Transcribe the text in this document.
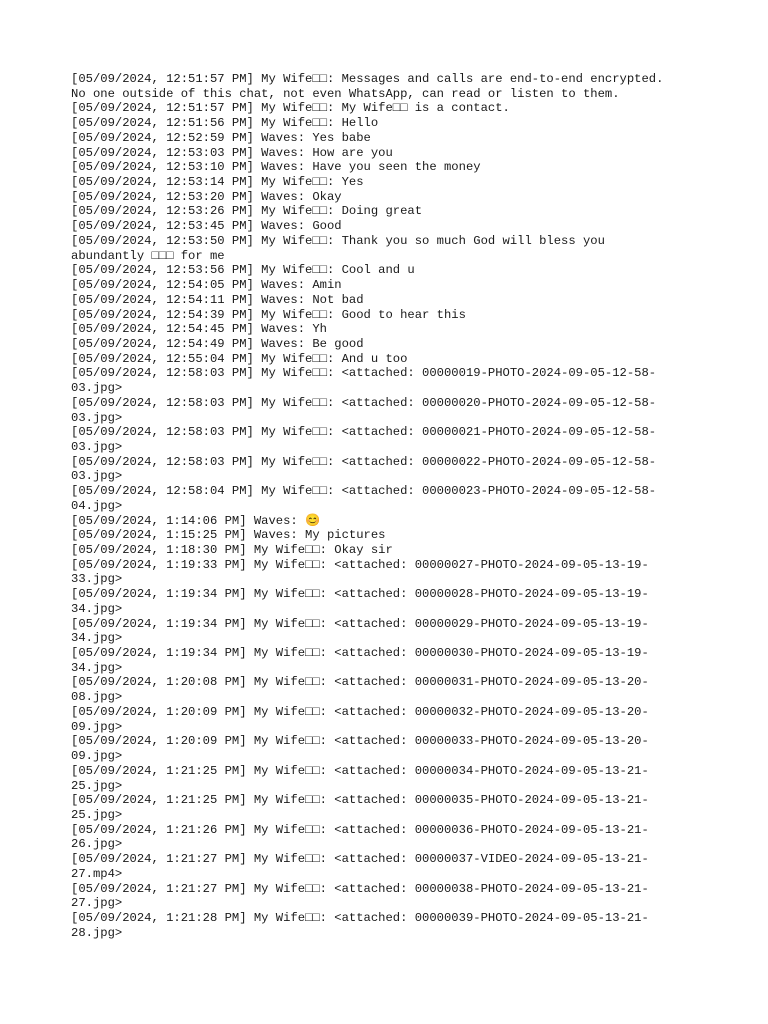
[05/09/2024, 12:51:57 PM] My Wife□□: Messages and calls are end-to-end encrypted.
No one outside of this chat, not even WhatsApp, can read or listen to them.
[05/09/2024, 12:51:57 PM] My Wife□□: My Wife□□ is a contact.
[05/09/2024, 12:51:56 PM] My Wife□□: Hello
[05/09/2024, 12:52:59 PM] Waves: Yes babe
[05/09/2024, 12:53:03 PM] Waves: How are you
[05/09/2024, 12:53:10 PM] Waves: Have you seen the money
[05/09/2024, 12:53:14 PM] My Wife□□: Yes
[05/09/2024, 12:53:20 PM] Waves: Okay
[05/09/2024, 12:53:26 PM] My Wife□□: Doing great
[05/09/2024, 12:53:45 PM] Waves: Good
[05/09/2024, 12:53:50 PM] My Wife□□: Thank you so much God will bless you
abundantly □□□ for me
[05/09/2024, 12:53:56 PM] My Wife□□: Cool and u
[05/09/2024, 12:54:05 PM] Waves: Amin
[05/09/2024, 12:54:11 PM] Waves: Not bad
[05/09/2024, 12:54:39 PM] My Wife□□: Good to hear this
[05/09/2024, 12:54:45 PM] Waves: Yh
[05/09/2024, 12:54:49 PM] Waves: Be good
[05/09/2024, 12:55:04 PM] My Wife□□: And u too
[05/09/2024, 12:58:03 PM] My Wife□□: <attached: 00000019-PHOTO-2024-09-05-12-58-
03.jpg>
[05/09/2024, 12:58:03 PM] My Wife□□: <attached: 00000020-PHOTO-2024-09-05-12-58-
03.jpg>
[05/09/2024, 12:58:03 PM] My Wife□□: <attached: 00000021-PHOTO-2024-09-05-12-58-
03.jpg>
[05/09/2024, 12:58:03 PM] My Wife□□: <attached: 00000022-PHOTO-2024-09-05-12-58-
03.jpg>
[05/09/2024, 12:58:04 PM] My Wife□□: <attached: 00000023-PHOTO-2024-09-05-12-58-
04.jpg>
[05/09/2024, 1:14:06 PM] Waves: 😊
[05/09/2024, 1:15:25 PM] Waves: My pictures
[05/09/2024, 1:18:30 PM] My Wife□□: Okay sir
[05/09/2024, 1:19:33 PM] My Wife□□: <attached: 00000027-PHOTO-2024-09-05-13-19-
33.jpg>
[05/09/2024, 1:19:34 PM] My Wife□□: <attached: 00000028-PHOTO-2024-09-05-13-19-
34.jpg>
[05/09/2024, 1:19:34 PM] My Wife□□: <attached: 00000029-PHOTO-2024-09-05-13-19-
34.jpg>
[05/09/2024, 1:19:34 PM] My Wife□□: <attached: 00000030-PHOTO-2024-09-05-13-19-
34.jpg>
[05/09/2024, 1:20:08 PM] My Wife□□: <attached: 00000031-PHOTO-2024-09-05-13-20-
08.jpg>
[05/09/2024, 1:20:09 PM] My Wife□□: <attached: 00000032-PHOTO-2024-09-05-13-20-
09.jpg>
[05/09/2024, 1:20:09 PM] My Wife□□: <attached: 00000033-PHOTO-2024-09-05-13-20-
09.jpg>
[05/09/2024, 1:21:25 PM] My Wife□□: <attached: 00000034-PHOTO-2024-09-05-13-21-
25.jpg>
[05/09/2024, 1:21:25 PM] My Wife□□: <attached: 00000035-PHOTO-2024-09-05-13-21-
25.jpg>
[05/09/2024, 1:21:26 PM] My Wife□□: <attached: 00000036-PHOTO-2024-09-05-13-21-
26.jpg>
[05/09/2024, 1:21:27 PM] My Wife□□: <attached: 00000037-VIDEO-2024-09-05-13-21-
27.mp4>
[05/09/2024, 1:21:27 PM] My Wife□□: <attached: 00000038-PHOTO-2024-09-05-13-21-
27.jpg>
[05/09/2024, 1:21:28 PM] My Wife□□: <attached: 00000039-PHOTO-2024-09-05-13-21-
28.jpg>
